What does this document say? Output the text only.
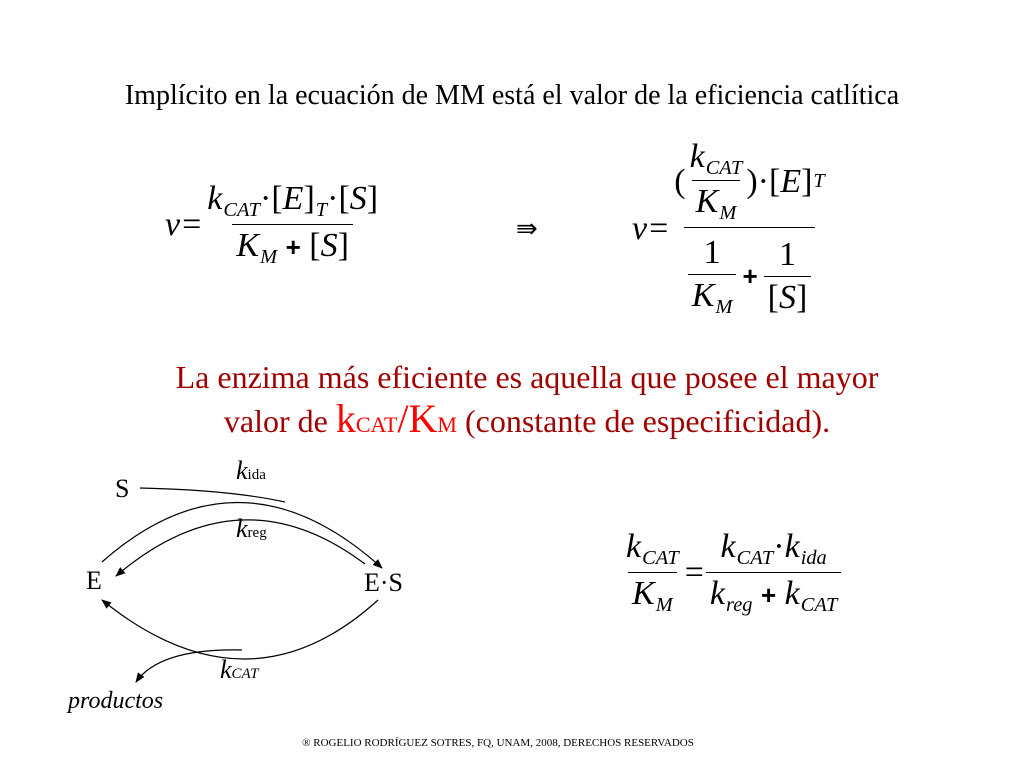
Implícito en la ecuación de MM está el valor de la eficiencia catlítica
$v = \frac{k_{CAT}\cdot[E]_T\cdot[S]}{K_M + [S]}$	⇛	$v = \frac{( \frac{k_{CAT}}{K_M} )\cdot[ E ] T}{\frac{1}{K_M} + \frac{1}{[S]}}$
La enzima más eficiente es aquella que posee el mayor
valor de kCAT/KM (constante de especificidad).
S
E	E·S
kida
kreg
kCAT
productos
$\frac{k_{CAT}}{K_M} = \frac{k_{CAT}\cdot k_{ida}}{k_{reg} + k_{CAT}}$
® ROGELIO RODRÍGUEZ SOTRES, FQ, UNAM, 2008, DERECHOS RESERVADOS
